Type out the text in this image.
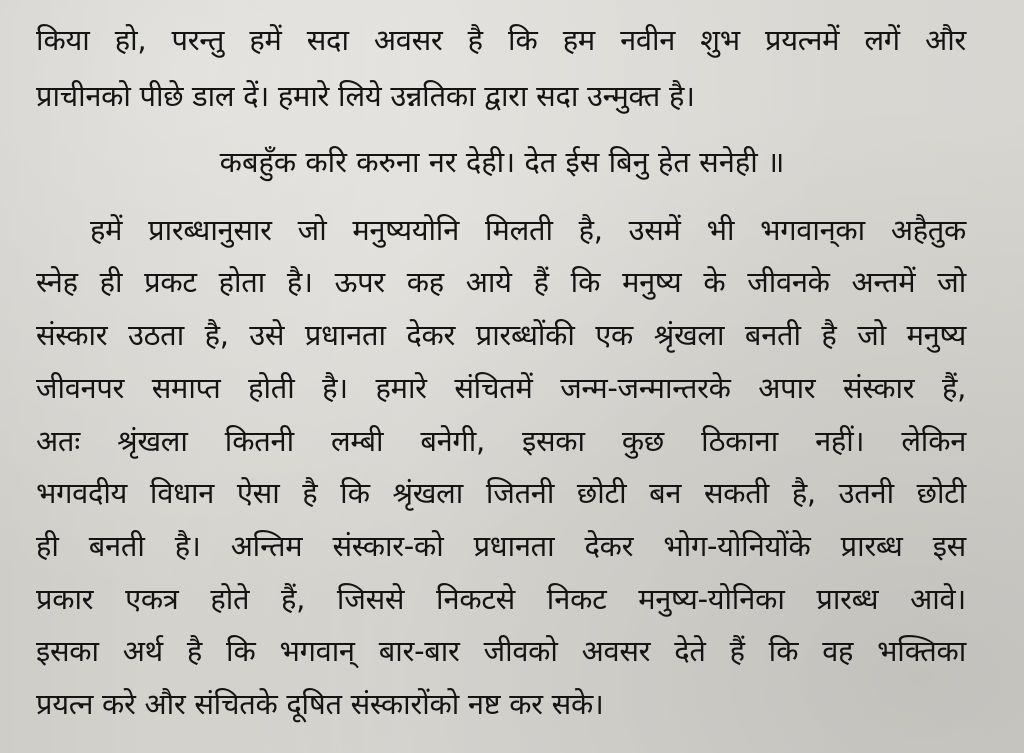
किया हो, परन्तु हमें सदा अवसर है कि हम नवीन शुभ प्रयत्नमें लगें और
प्राचीनको पीछे डाल दें। हमारे लिये उन्नतिका द्वारा सदा उन्मुक्त है।
कबहुँक करि करुना नर देही। देत ईस बिनु हेत सनेही ॥
हमें प्रारब्धानुसार जो मनुष्ययोनि मिलती है, उसमें भी भगवान्‌का अहैतुक
स्नेह ही प्रकट होता है। ऊपर कह आये हैं कि मनुष्य के जीवनके अन्तमें जो
संस्कार उठता है, उसे प्रधानता देकर प्रारब्धोंकी एक श्रृंखला बनती है जो मनुष्य
जीवनपर समाप्त होती है। हमारे संचितमें जन्म-जन्मान्तरके अपार संस्कार हैं,
अतः श्रृंखला कितनी लम्बी बनेगी, इसका कुछ ठिकाना नहीं। लेकिन
भगवदीय विधान ऐसा है कि श्रृंखला जितनी छोटी बन सकती है, उतनी छोटी
ही बनती है। अन्तिम संस्कार-को प्रधानता देकर भोग-योनियोंके प्रारब्ध इस
प्रकार एकत्र होते हैं, जिससे निकटसे निकट मनुष्य-योनिका प्रारब्ध आवे।
इसका अर्थ है कि भगवान् बार-बार जीवको अवसर देते हैं कि वह भक्तिका
प्रयत्न करे और संचितके दूषित संस्कारोंको नष्ट कर सके।
